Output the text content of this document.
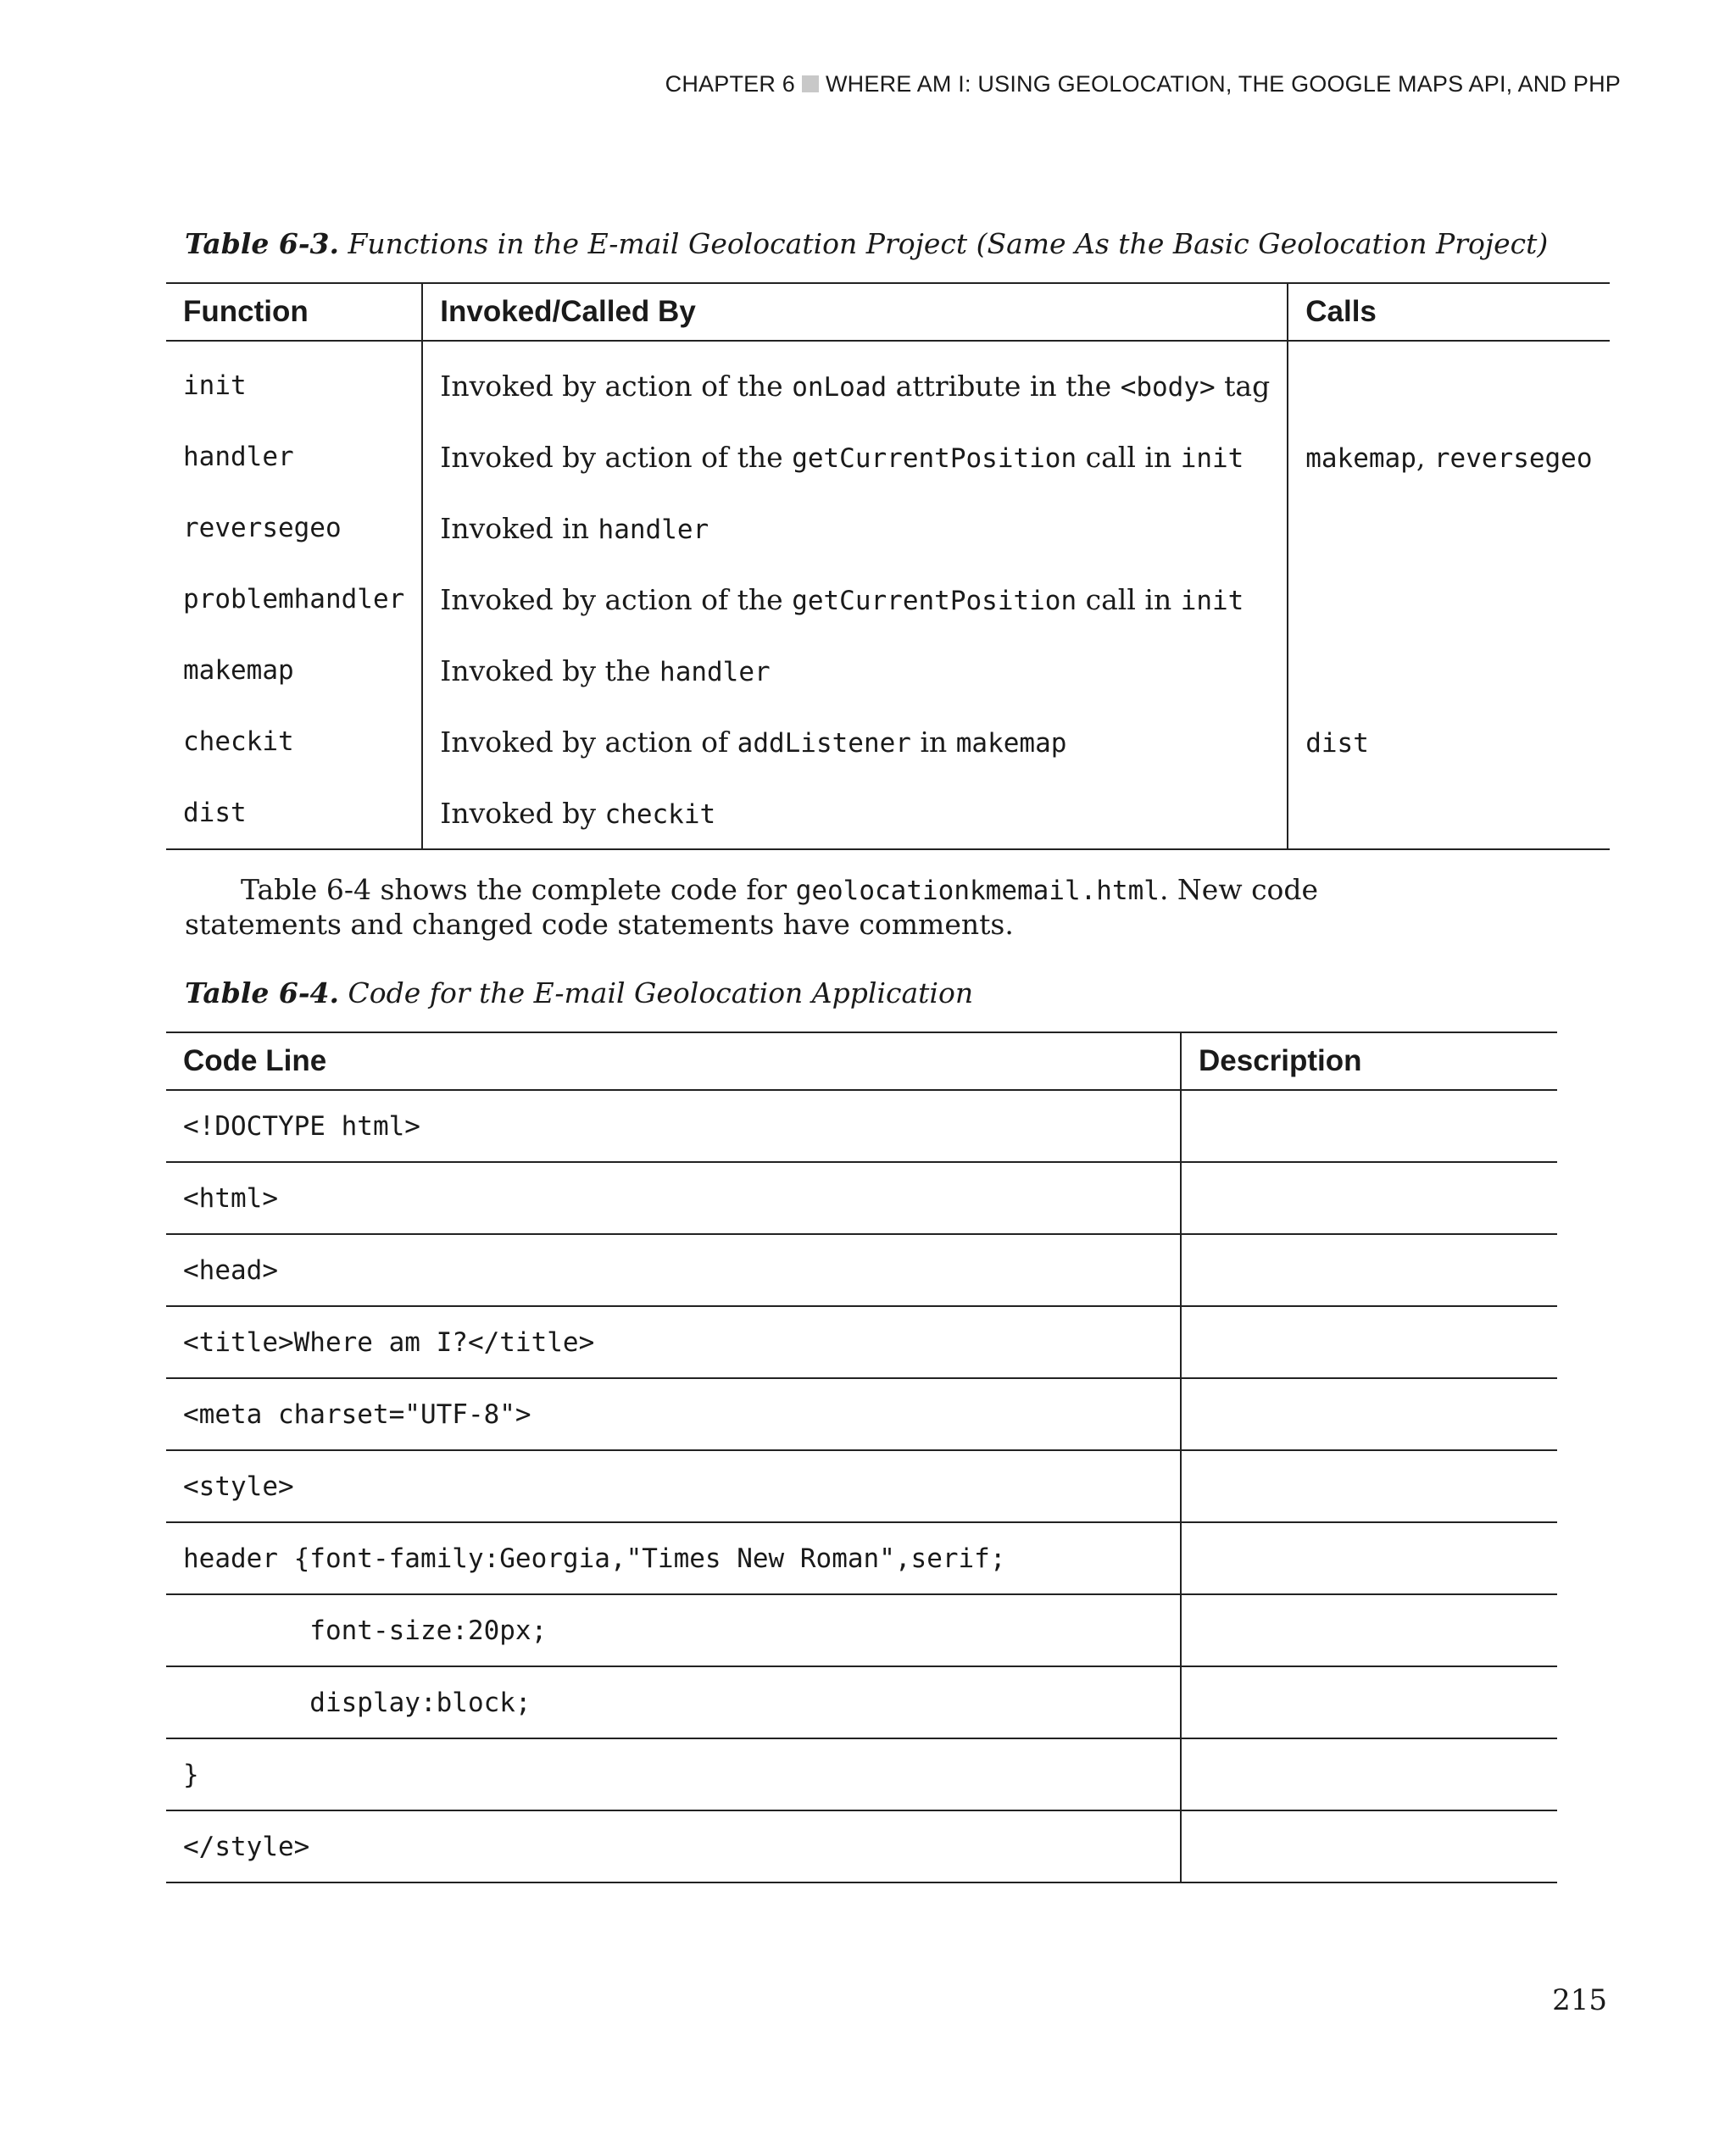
CHAPTER 6 WHERE AM I: USING GEOLOCATION, THE GOOGLE MAPS API, AND PHP
Table 6-3. Functions in the E-mail Geolocation Project (Same As the Basic Geolocation Project)
Function	Invoked/Called By	Calls
init	Invoked by action of the onLoad attribute in the <body> tag	
handler	Invoked by action of the getCurrentPosition call in init	makemap, reversegeo
reversegeo	Invoked in handler	
problemhandler	Invoked by action of the getCurrentPosition call in init	
makemap	Invoked by the handler	
checkit	Invoked by action of addListener in makemap	dist
dist	Invoked by checkit	
Table 6-4 shows the complete code for geolocationkmemail.html. New code statements and changed code statements have comments.
Table 6-4. Code for the E-mail Geolocation Application
Code Line	Description
<!DOCTYPE html>	
<html>	
<head>	
<title>Where am I?</title>	
<meta charset="UTF-8">	
<style>	
header {font-family:Georgia,"Times New Roman",serif;	
font-size:20px;	
display:block;	
}	
</style>	
215
